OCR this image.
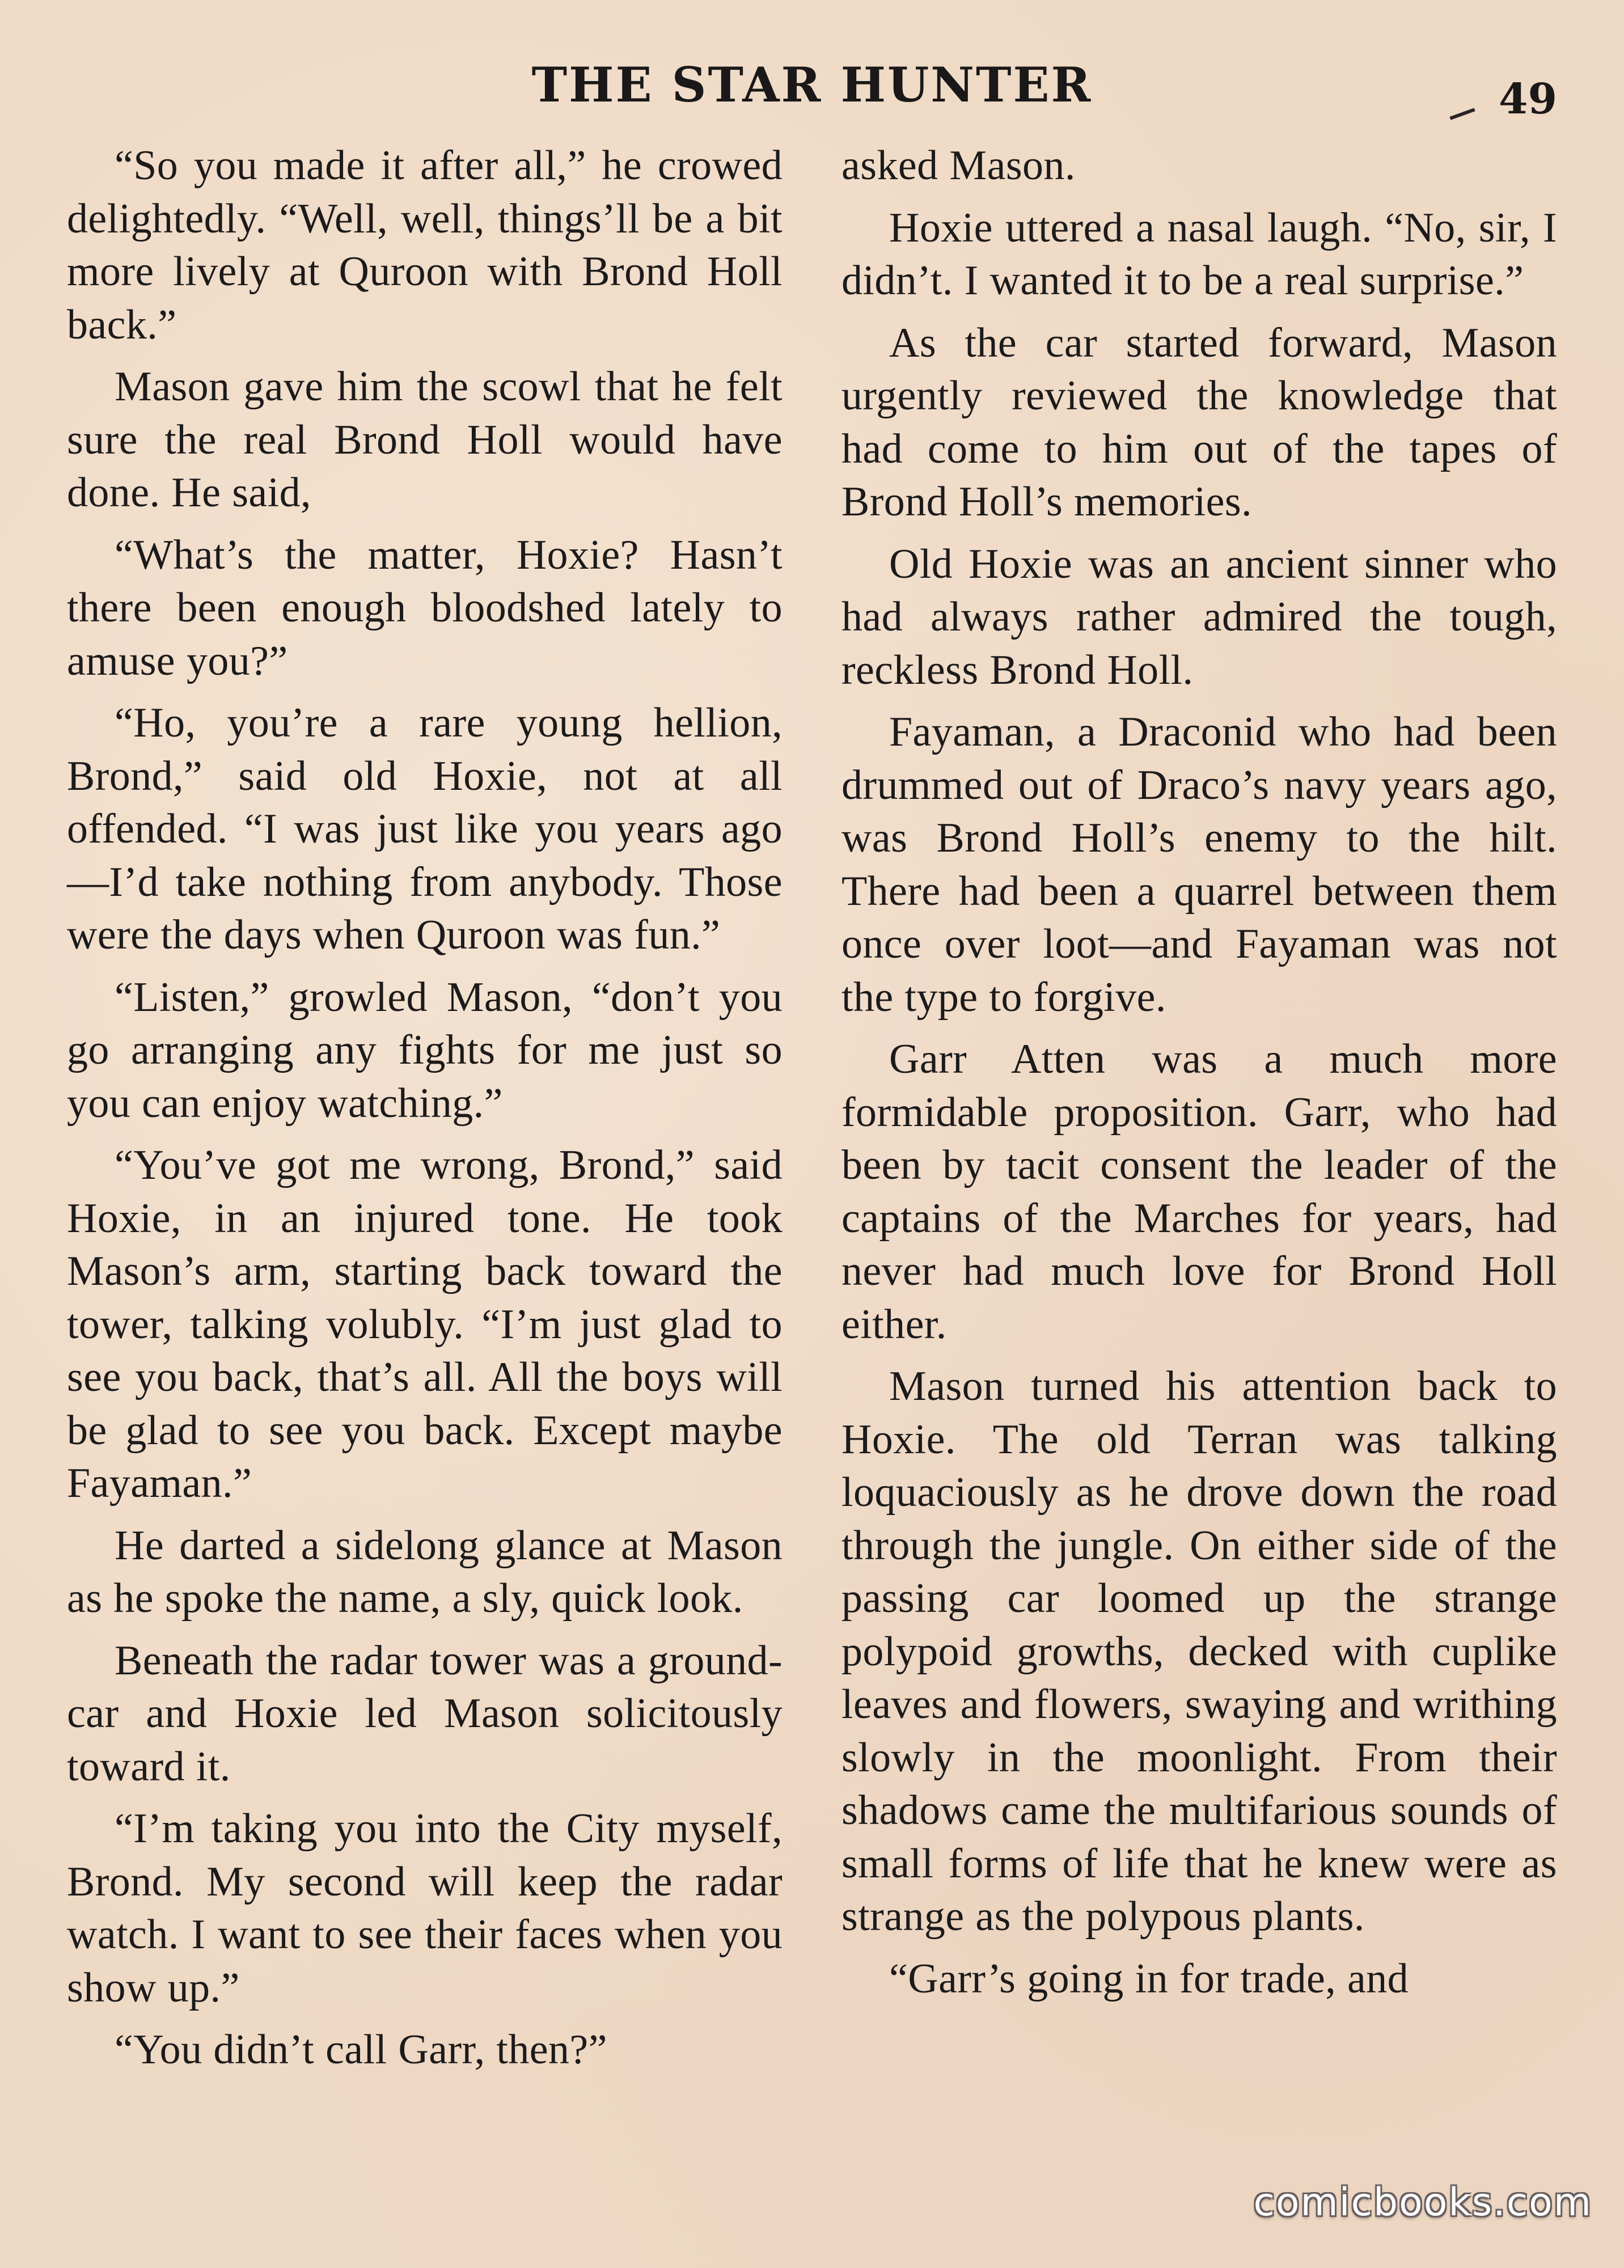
THE STAR HUNTER	49

“So you made it after all,” he crowed delightedly. “Well, well, things’ll be a bit more lively at Quroon with Brond Holl back.”

Mason gave him the scowl that he felt sure the real Brond Holl would have done. He said,

“What’s the matter, Hoxie? Hasn’t there been enough bloodshed lately to amuse you?”

“Ho, you’re a rare young hellion, Brond,” said old Hoxie, not at all offended. “I was just like you years ago—I’d take nothing from anybody. Those were the days when Quroon was fun.”

“Listen,” growled Mason, “don’t you go arranging any fights for me just so you can enjoy watching.”

“You’ve got me wrong, Brond,” said Hoxie, in an injured tone. He took Mason’s arm, starting back toward the tower, talking volubly. “I’m just glad to see you back, that’s all. All the boys will be glad to see you back. Except maybe Fayaman.”

He darted a sidelong glance at Mason as he spoke the name, a sly, quick look.

Beneath the radar tower was a ground-car and Hoxie led Mason solicitously toward it.

“I’m taking you into the City myself, Brond. My second will keep the radar watch. I want to see their faces when you show up.”

“You didn’t call Garr, then?”

asked Mason.

Hoxie uttered a nasal laugh. “No, sir, I didn’t. I wanted it to be a real surprise.”

As the car started forward, Mason urgently reviewed the knowledge that had come to him out of the tapes of Brond Holl’s memories.

Old Hoxie was an ancient sinner who had always rather admired the tough, reckless Brond Holl.

Fayaman, a Draconid who had been drummed out of Draco’s navy years ago, was Brond Holl’s enemy to the hilt. There had been a quarrel between them once over loot—and Fayaman was not the type to forgive.

Garr Atten was a much more formidable proposition. Garr, who had been by tacit consent the leader of the captains of the Marches for years, had never had much love for Brond Holl either.

Mason turned his attention back to Hoxie. The old Terran was talking loquaciously as he drove down the road through the jungle. On either side of the passing car loomed up the strange polypoid growths, decked with cuplike leaves and flowers, swaying and writhing slowly in the moonlight. From their shadows came the multifarious sounds of small forms of life that he knew were as strange as the polypous plants.

“Garr’s going in for trade, and

comicbooks.com
